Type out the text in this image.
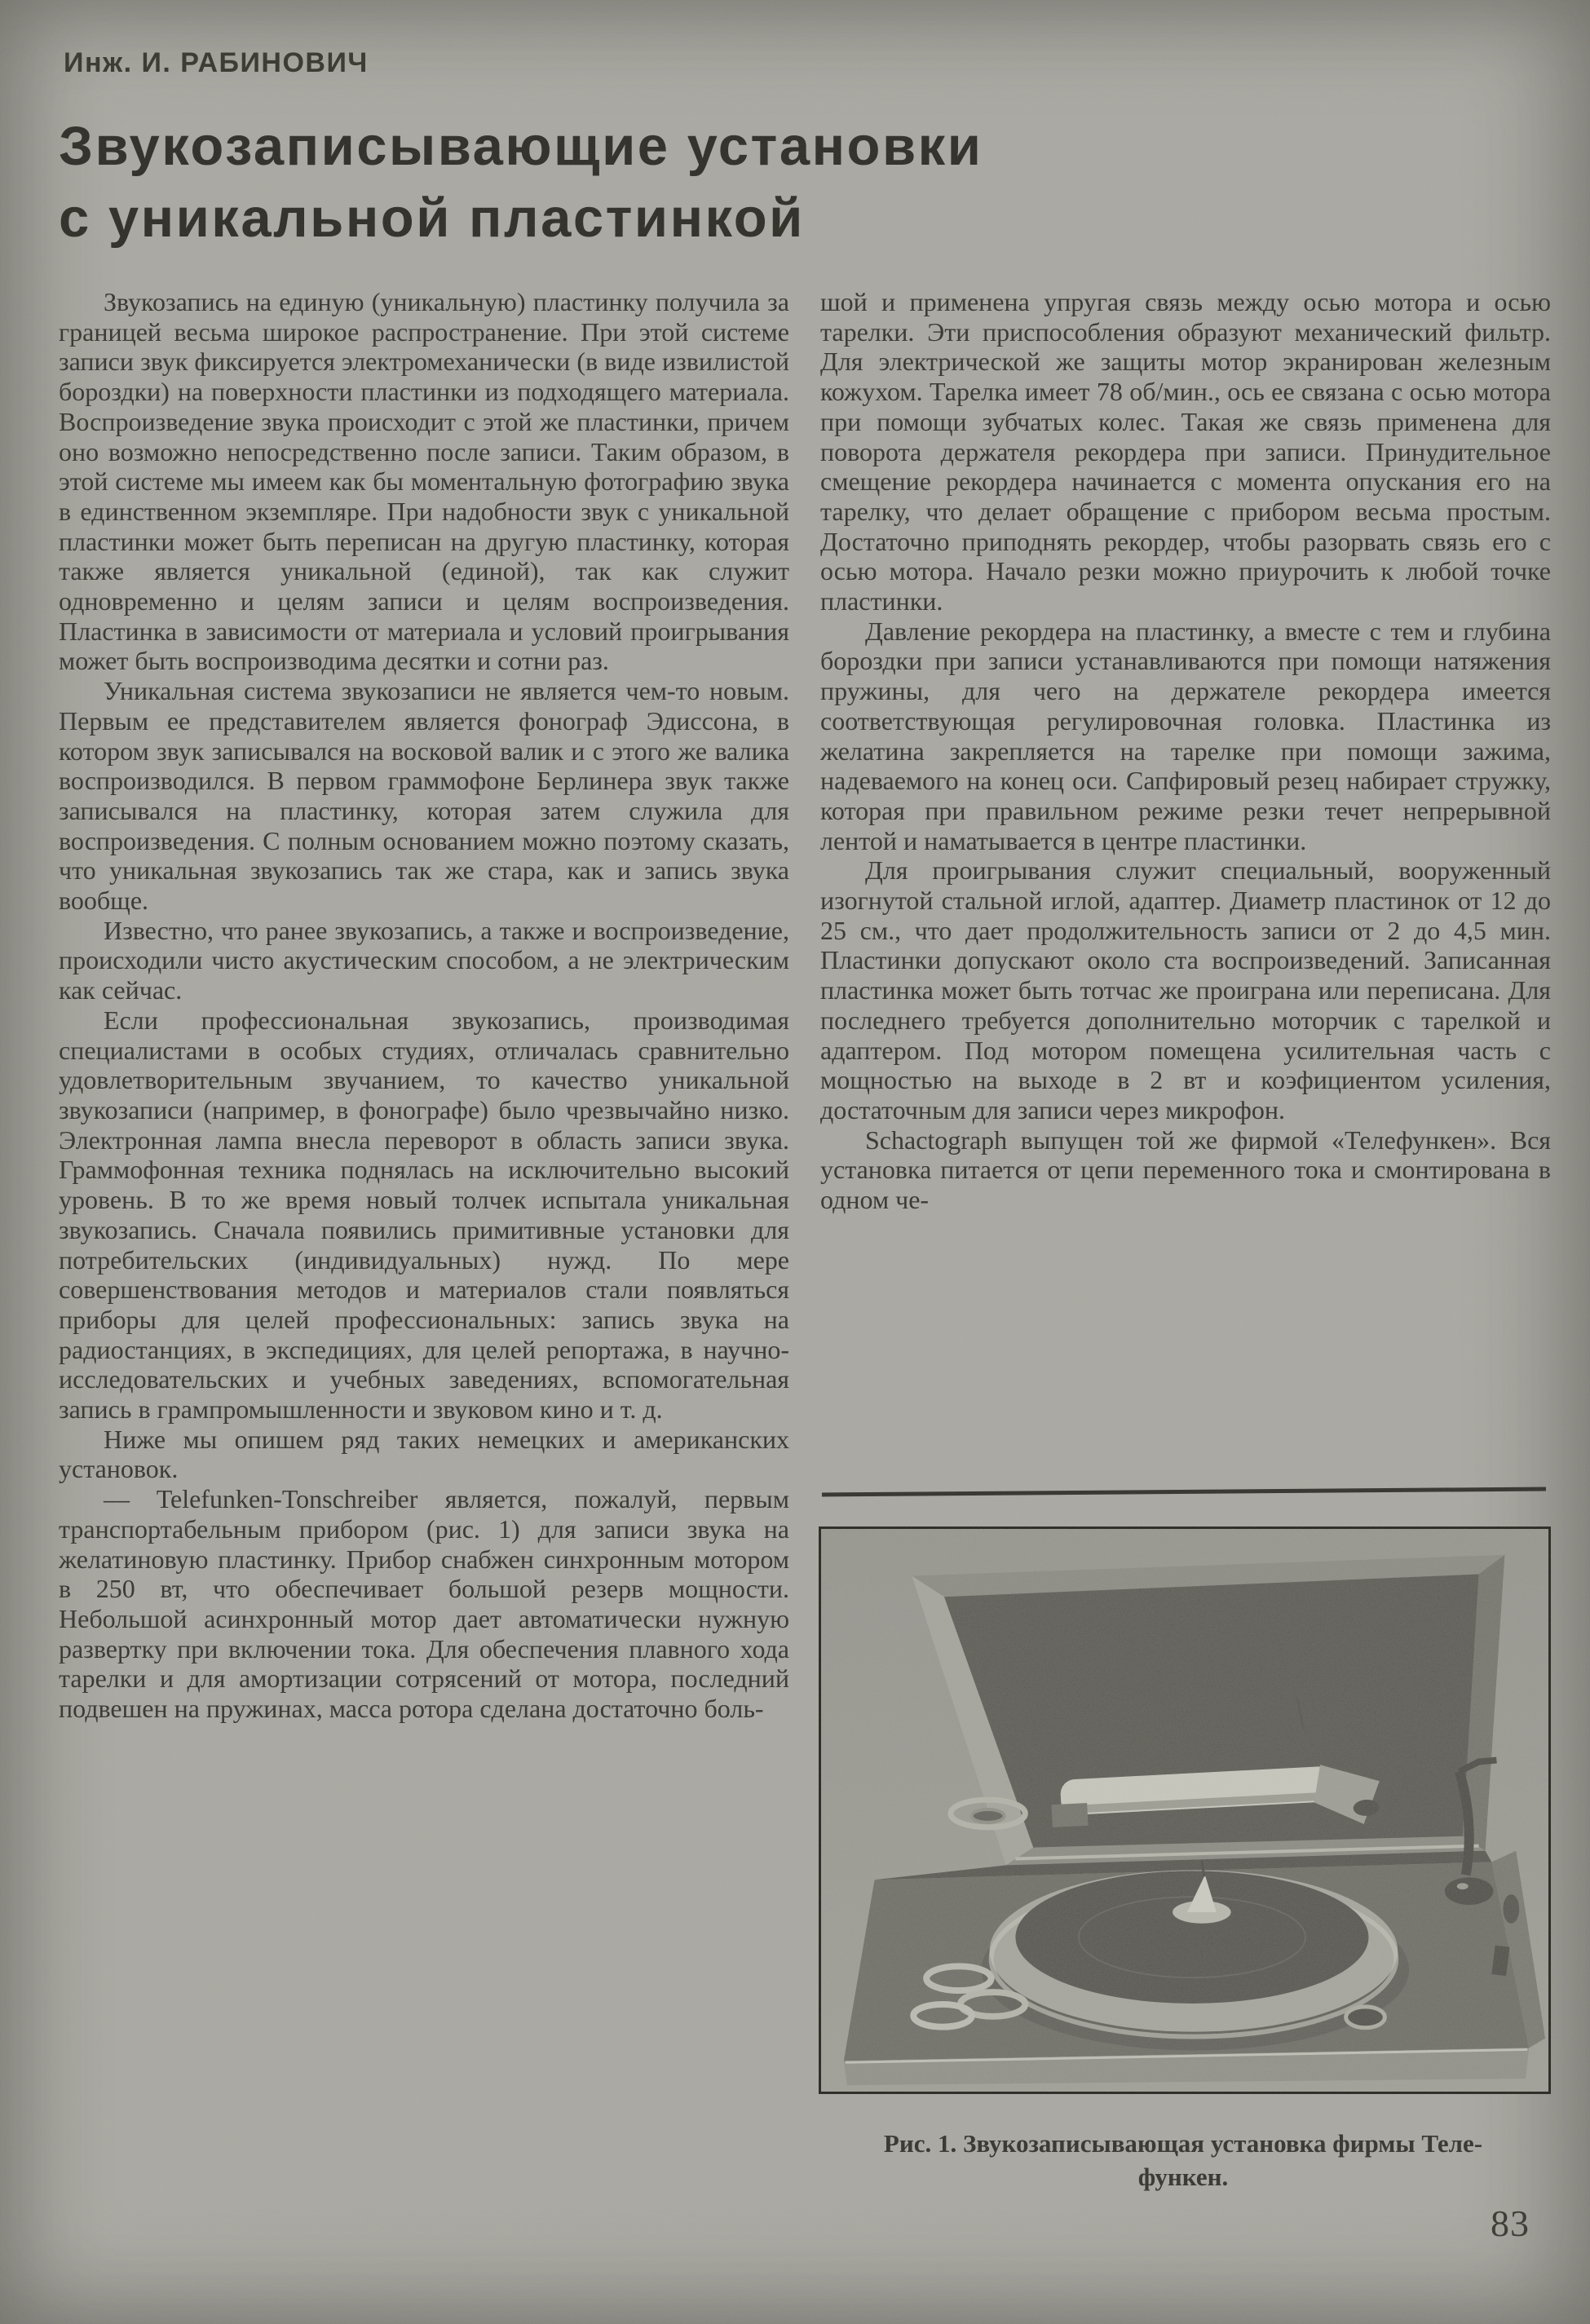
Инж. И. РАБИНОВИЧ
Звукозаписывающие установки
с уникальной пластинкой

Звукозапись на единую (уникальную) пластинку получила за границей весьма широкое распространение. При этой системе записи звук фиксируется электромеханически (в виде извилистой бороздки) на поверхности пластинки из подходящего материала. Воспроизведение звука происходит с этой же пластинки, причем оно возможно непосредственно после записи. Таким образом, в этой системе мы имеем как бы моментальную фотографию звука в единственном экземпляре. При надобности звук с уникальной пластинки может быть переписан на другую пластинку, которая также является уникальной (единой), так как служит одновременно и целям записи и целям воспроизведения. Пластинка в зависимости от материала и условий проигрывания может быть воспроизводима десятки и сотни раз.

Уникальная система звукозаписи не является чем-то новым. Первым ее представителем является фонограф Эдиссона, в котором звук записывался на восковой валик и с этого же валика воспроизводился. В первом граммофоне Берлинера звук также записывался на пластинку, которая затем служила для воспроизведения. С полным основанием можно поэтому сказать, что уникальная звукозапись так же стара, как и запись звука вообще.

Известно, что ранее звукозапись, а также и воспроизведение, происходили чисто акустическим способом, а не электрическим как сейчас.

Если профессиональная звукозапись, производимая специалистами в особых студиях, отличалась сравнительно удовлетворительным звучанием, то качество уникальной звукозаписи (например, в фонографе) было чрезвычайно низко. Электронная лампа внесла переворот в область записи звука. Граммофонная техника поднялась на исключительно высокий уровень. В то же время новый толчек испытала уникальная звукозапись. Сначала появились примитивные установки для потребительских (индивидуальных) нужд. По мере совершенствования методов и материалов стали появляться приборы для целей профессиональных: запись звука на радиостанциях, в экспедициях, для целей репортажа, в научно-исследовательских и учебных заведениях, вспомогательная запись в грампромышленности и звуковом кино и т. д.

Ниже мы опишем ряд таких немецких и американских установок.

— Telefunken-Tonschreiber является, пожалуй, первым транспортабельным прибором (рис. 1) для записи звука на желатиновую пластинку. Прибор снабжен синхронным мотором в 250 вт, что обеспечивает большой резерв мощности. Небольшой асинхронный мотор дает автоматически нужную развертку при включении тока. Для обеспечения плавного хода тарелки и для амортизации сотрясений от мотора, последний подвешен на пружинах, масса ротора сделана достаточно боль-

шой и применена упругая связь между осью мотора и осью тарелки. Эти приспособления образуют механический фильтр. Для электрической же защиты мотор экранирован железным кожухом. Тарелка имеет 78 об/мин., ось ее связана с осью мотора при помощи зубчатых колес. Такая же связь применена для поворота держателя рекордера при записи. Принудительное смещение рекордера начинается с момента опускания его на тарелку, что делает обращение с прибором весьма простым. Достаточно приподнять рекордер, чтобы разорвать связь его с осью мотора. Начало резки можно приурочить к любой точке пластинки.

Давление рекордера на пластинку, а вместе с тем и глубина бороздки при записи устанавливаются при помощи натяжения пружины, для чего на держателе рекордера имеется соответствующая регулировочная головка. Пластинка из желатина закрепляется на тарелке при помощи зажима, надеваемого на конец оси. Сапфировый резец набирает стружку, которая при правильном режиме резки течет непрерывной лентой и наматывается в центре пластинки.

Для проигрывания служит специальный, вооруженный изогнутой стальной иглой, адаптер. Диаметр пластинок от 12 до 25 см., что дает продолжительность записи от 2 до 4,5 мин. Пластинки допускают около ста воспроизведений. Записанная пластинка может быть тотчас же проиграна или переписана. Для последнего требуется дополнительно моторчик с тарелкой и адаптером. Под мотором помещена усилительная часть с мощностью на выходе в 2 вт и коэфициентом усиления, достаточным для записи через микрофон.

Schactograph выпущен той же фирмой «Телефункен». Вся установка питается от цепи переменного тока и смонтирована в одном че-

Рис. 1. Звукозаписывающая установка фирмы Теле-
функен.
83
